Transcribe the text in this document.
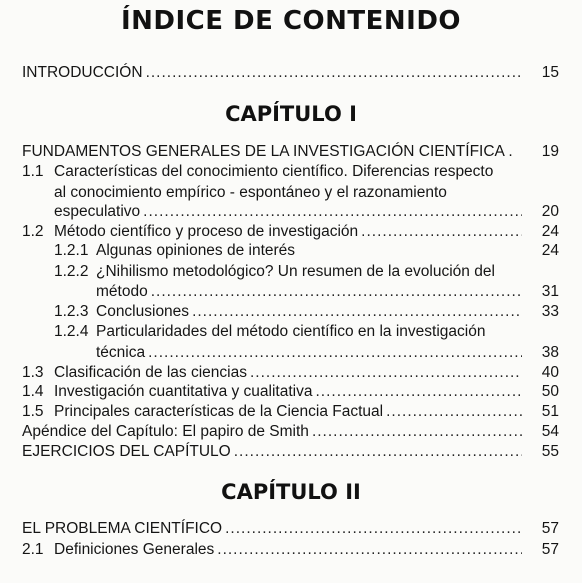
ÍNDICE DE CONTENIDO
INTRODUCCIÓN .....	15
CAPÍTULO I
FUNDAMENTOS GENERALES DE LA INVESTIGACIÓN CIENTÍFICA .	19
1.1 Características del conocimiento científico. Diferencias respecto
al conocimiento empírico - espontáneo y el razonamiento
especulativo .....	20
1.2 Método científico y proceso de investigación .....	24
1.2.1 Algunas opiniones de interés	24
1.2.2 ¿Nihilismo metodológico? Un resumen de la evolución del
método .....	31
1.2.3 Conclusiones .....	33
1.2.4 Particularidades del método científico en la investigación
técnica .....	38
1.3 Clasificación de las ciencias .....	40
1.4 Investigación cuantitativa y cualitativa .....	50
1.5 Principales características de la Ciencia Factual .....	51
Apéndice del Capítulo: El papiro de Smith .....	54
EJERCICIOS DEL CAPÍTULO .....	55
CAPÍTULO II
EL PROBLEMA CIENTÍFICO .....	57
2.1 Definiciones Generales .....	57
